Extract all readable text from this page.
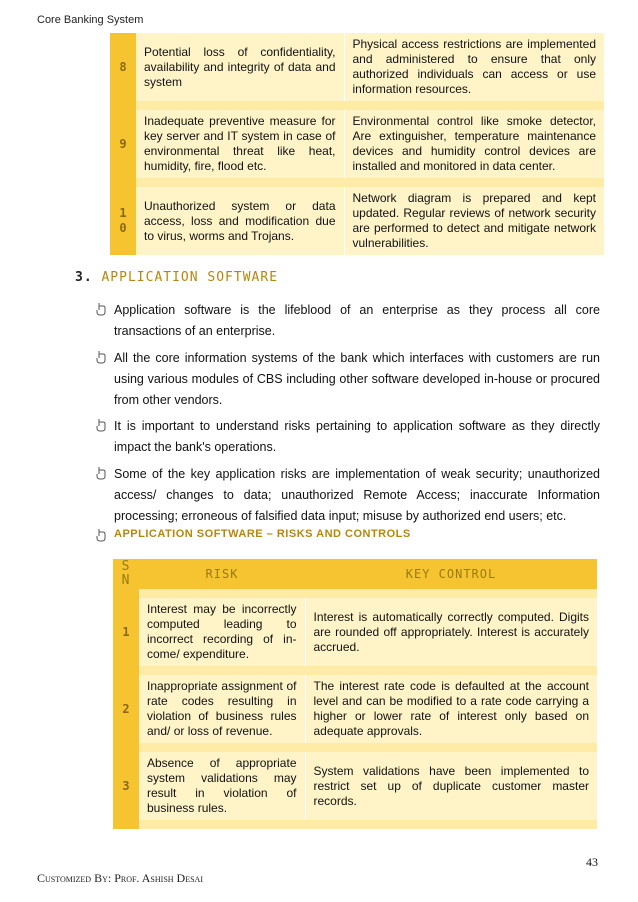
Core Banking System
8	Potential loss of confidentiality, availability and integrity of data and system	Physical access restrictions are implemented and administered to ensure that only authorized individuals can access or use information resources.

9	Inadequate preventive measure for key server and IT system in case of environmental threat like heat, humidity, fire, flood etc.	Environmental control like smoke detector, Are extinguisher, temperature maintenance devices and humidity control devices are installed and monitored in data center.

1
0	Unauthorized system or data access, loss and modification due to virus, worms and Trojans.	Network diagram is prepared and kept updated. Regular reviews of network security are performed to detect and mitigate network vulnerabilities.
3. APPLICATION SOFTWARE
Application software is the lifeblood of an enterprise as they process all core transactions of an enterprise.
All the core information systems of the bank which interfaces with customers are run using various modules of CBS including other software developed in-house or procured from other vendors.
It is important to understand risks pertaining to application software as they directly impact the bank's operations.
Some of the key application risks are implementation of weak security; unauthorized access/ changes to data; unauthorized Remote Access; inaccurate Information processing; erroneous of falsified data input; misuse by authorized end users; etc.
APPLICATION SOFTWARE – RISKS AND CONTROLS
S
N	RISK	KEY CONTROL

1	Interest may be incorrectly computed leading to incorrect recording of in-come/ expenditure.	Interest is automatically correctly computed. Digits are rounded off appropriately. Interest is accurately accrued.

2	Inappropriate assignment of rate codes resulting in violation of business rules and/ or loss of revenue.	The interest rate code is defaulted at the account level and can be modified to a rate code carrying a higher or lower rate of interest only based on adequate approvals.

3	Absence of appropriate system validations may result in violation of business rules.	System validations have been implemented to restrict set up of duplicate customer master records.

43
Customized By: Prof. Ashish Desai
